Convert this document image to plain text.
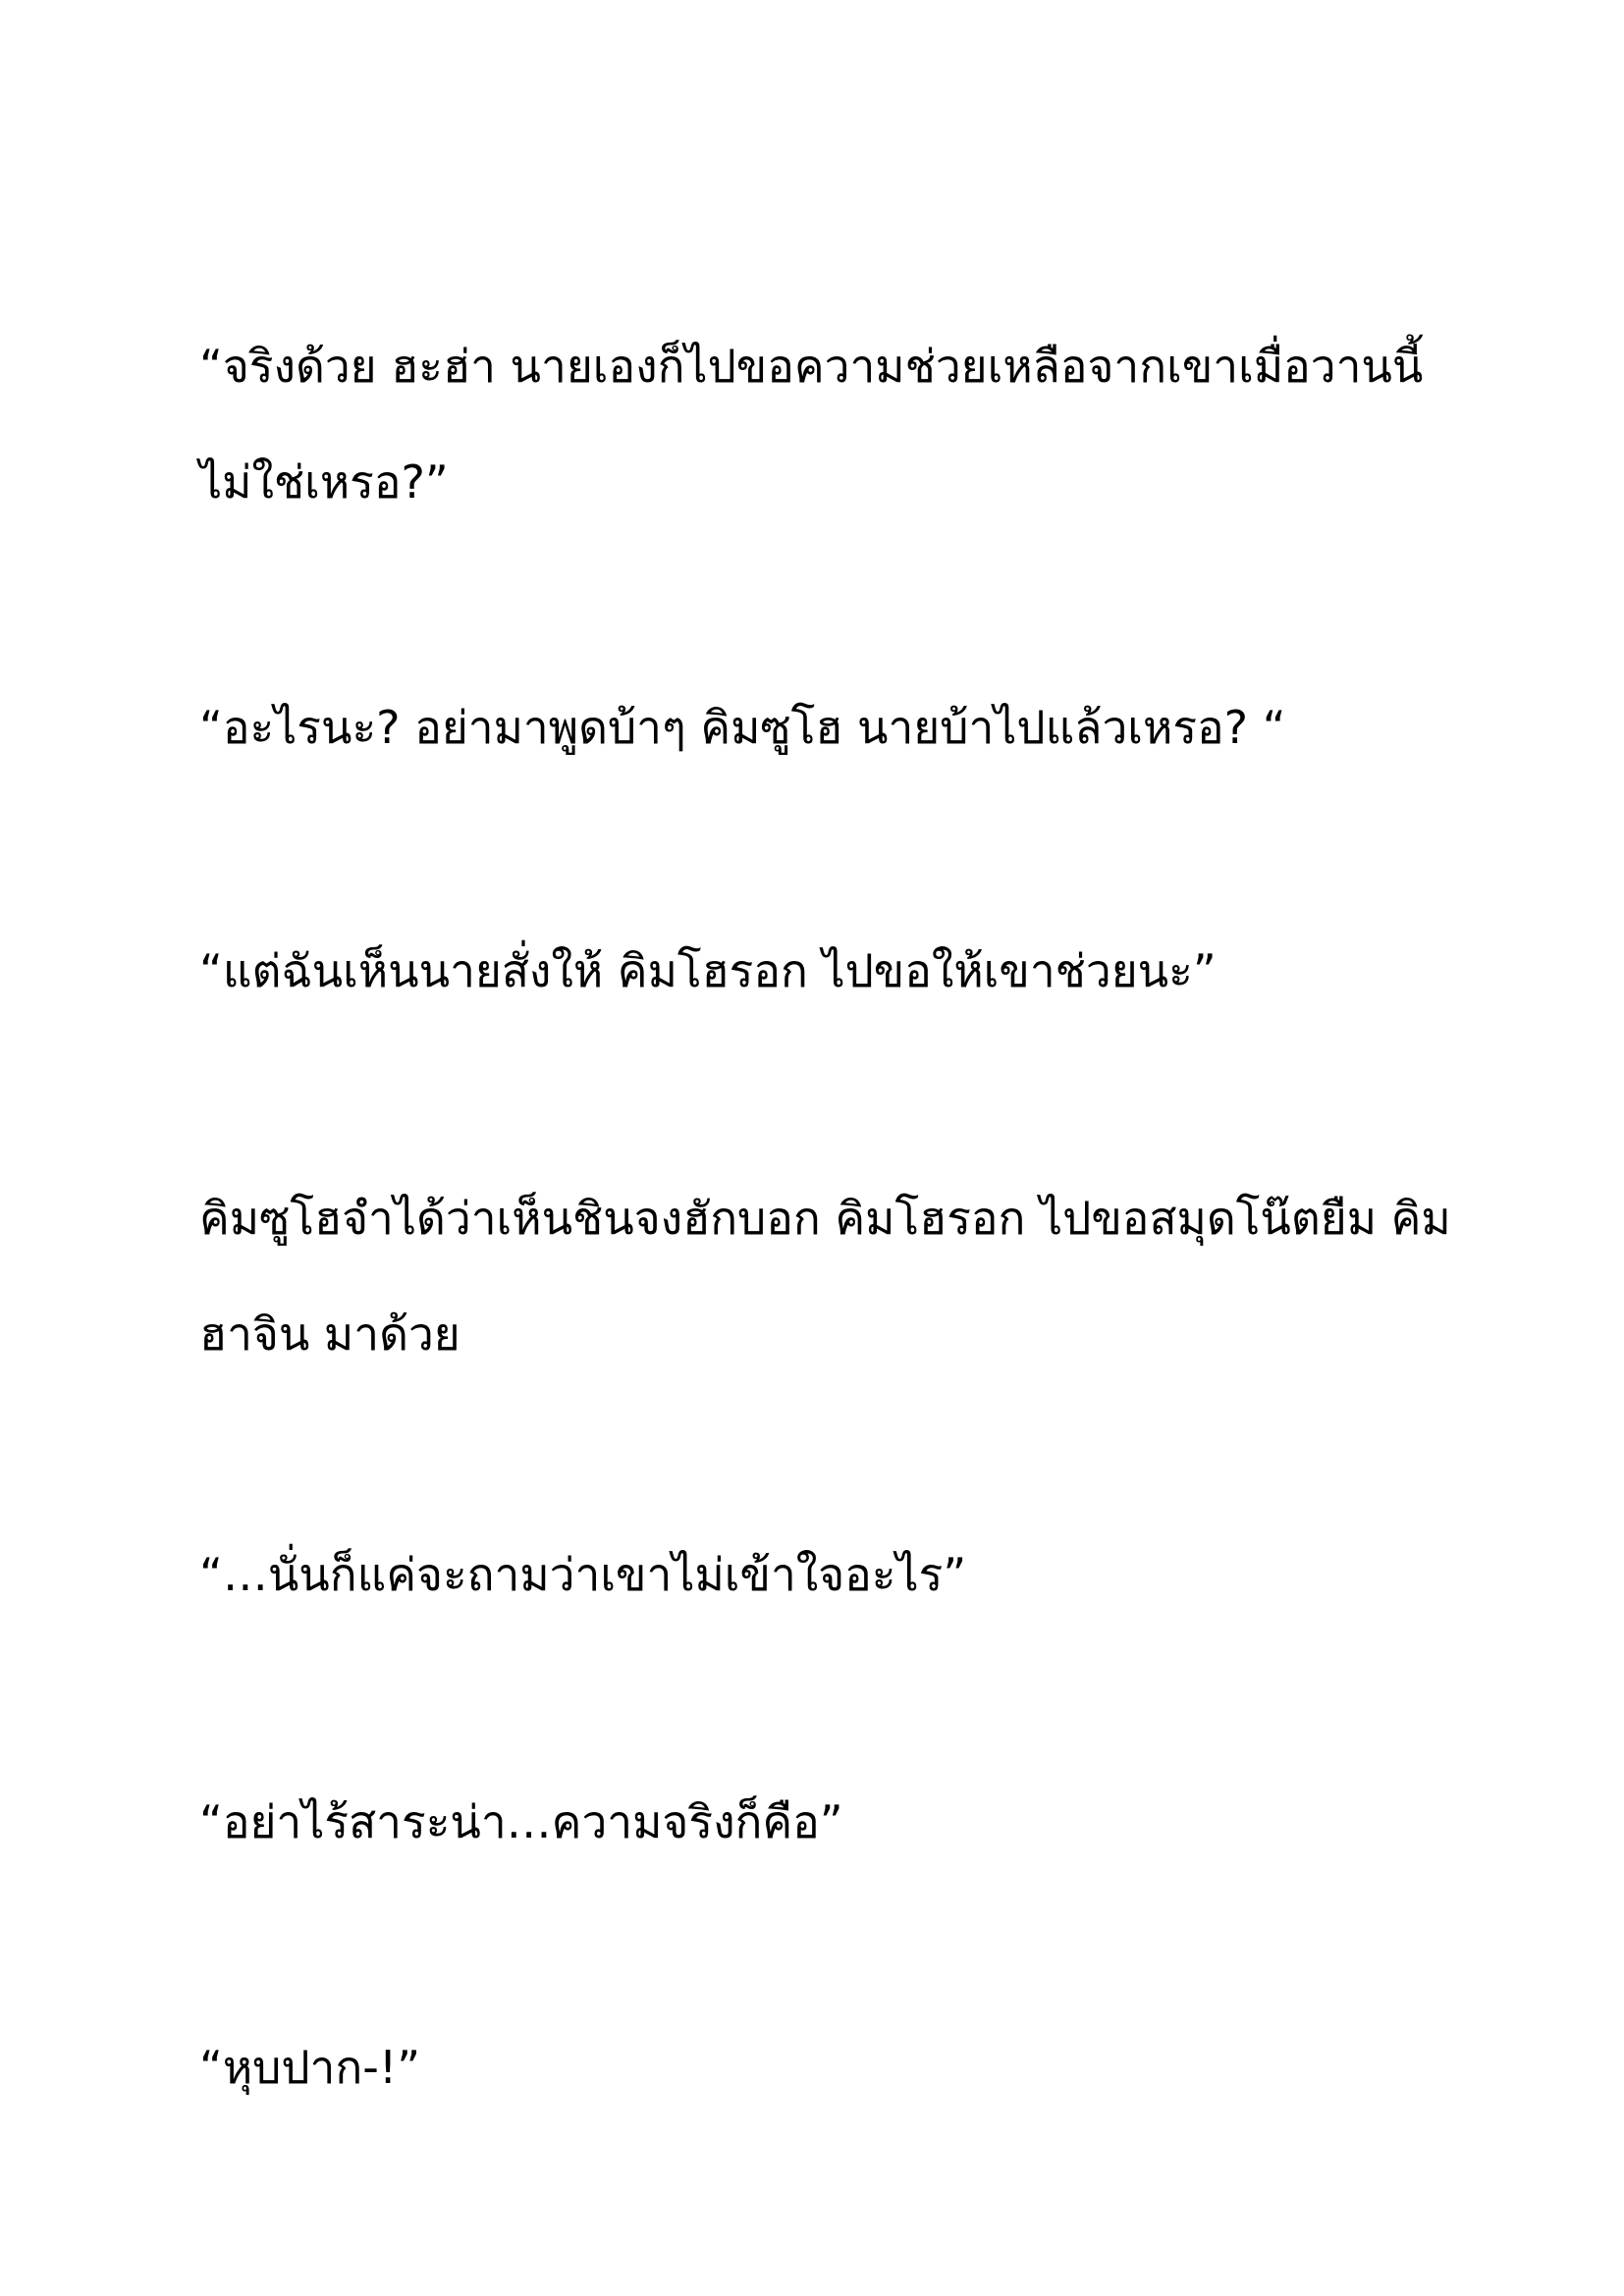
“จริงด้วย ฮะฮ่า นายเองก็ไปขอความช่วยเหลือจากเขาเมื่อวานนี้
ไม่ใช่เหรอ?”

“อะไรนะ? อย่ามาพูดบ้าๆ คิมซูโฮ นายบ้าไปแล้วเหรอ? “

“แต่ฉันเห็นนายสั่งให้ คิมโฮรอก ไปขอให้เขาช่วยนะ”

คิมซูโฮจำได้ว่าเห็นชินจงฮักบอก คิมโฮรอก ไปขอสมุดโน๊ตยืม คิม
ฮาจิน มาด้วย

“…นั่นก็แค่จะถามว่าเขาไม่เข้าใจอะไร”

“อย่าไร้สาระน่า…ความจริงก็คือ”

“หุบปาก-!”
